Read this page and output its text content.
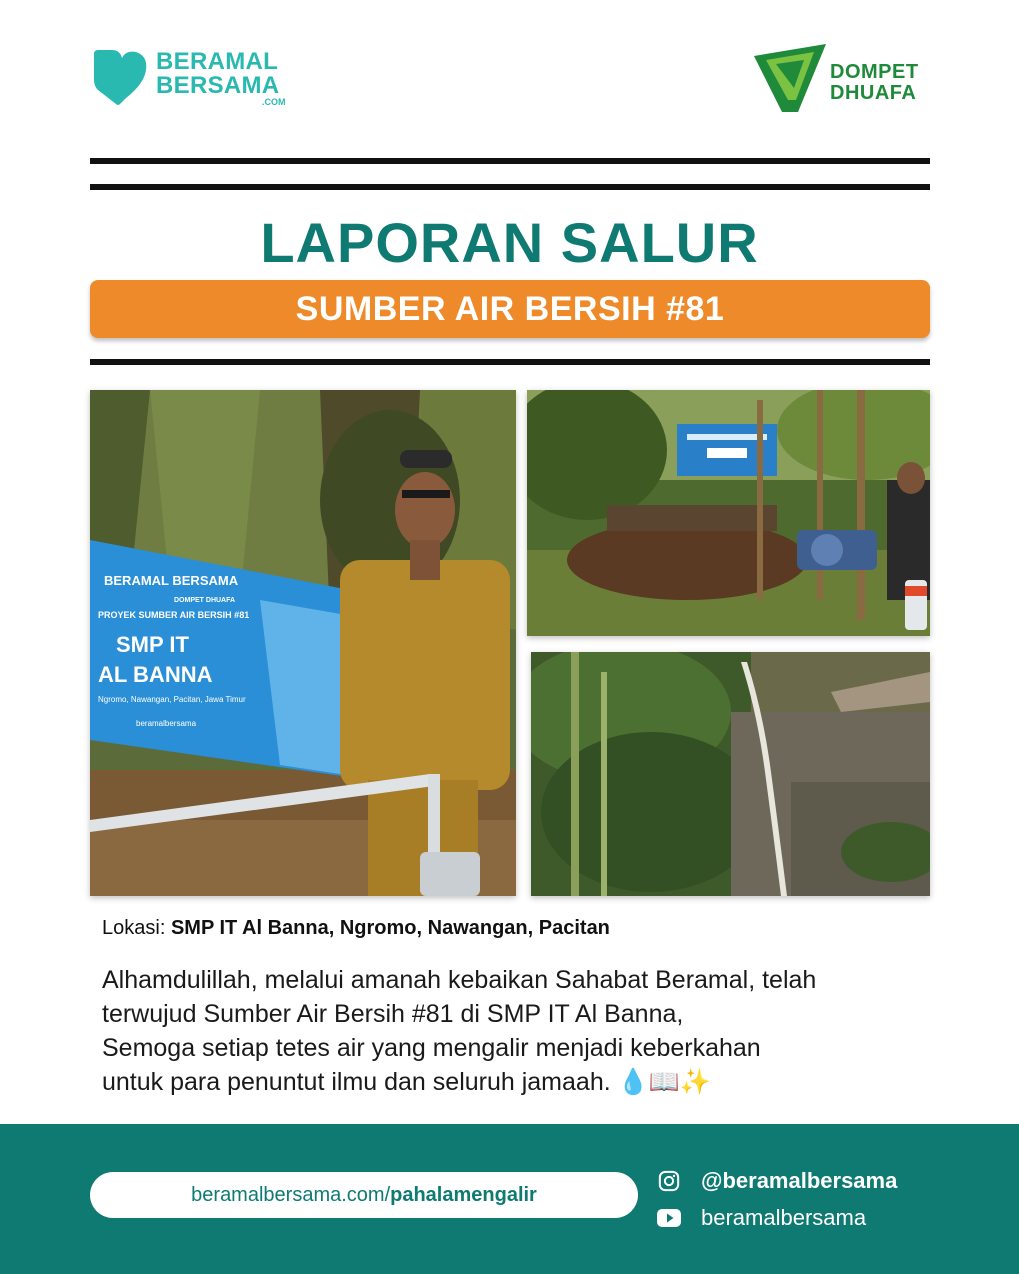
BERAMAL
BERSAMA
.COM
DOMPET
DHUAFA
LAPORAN SALUR
SUMBER AIR BERSIH #81
BERAMAL BERSAMA
DOMPET DHUAFA
PROYEK SUMBER AIR BERSIH #81
SMP IT
AL BANNA
Ngromo, Nawangan, Pacitan, Jawa Timur
beramalbersama
Lokasi: SMP IT Al Banna, Ngromo, Nawangan, Pacitan

Alhamdulillah, melalui amanah kebaikan Sahabat Beramal, telah

terwujud Sumber Air Bersih #81 di SMP IT Al Banna,

Semoga setiap tetes air yang mengalir menjadi keberkahan

untuk para penuntut ilmu dan seluruh jamaah. 💧📖✨

beramalbersama.com/pahalamengalir
@beramalbersama
beramalbersama
